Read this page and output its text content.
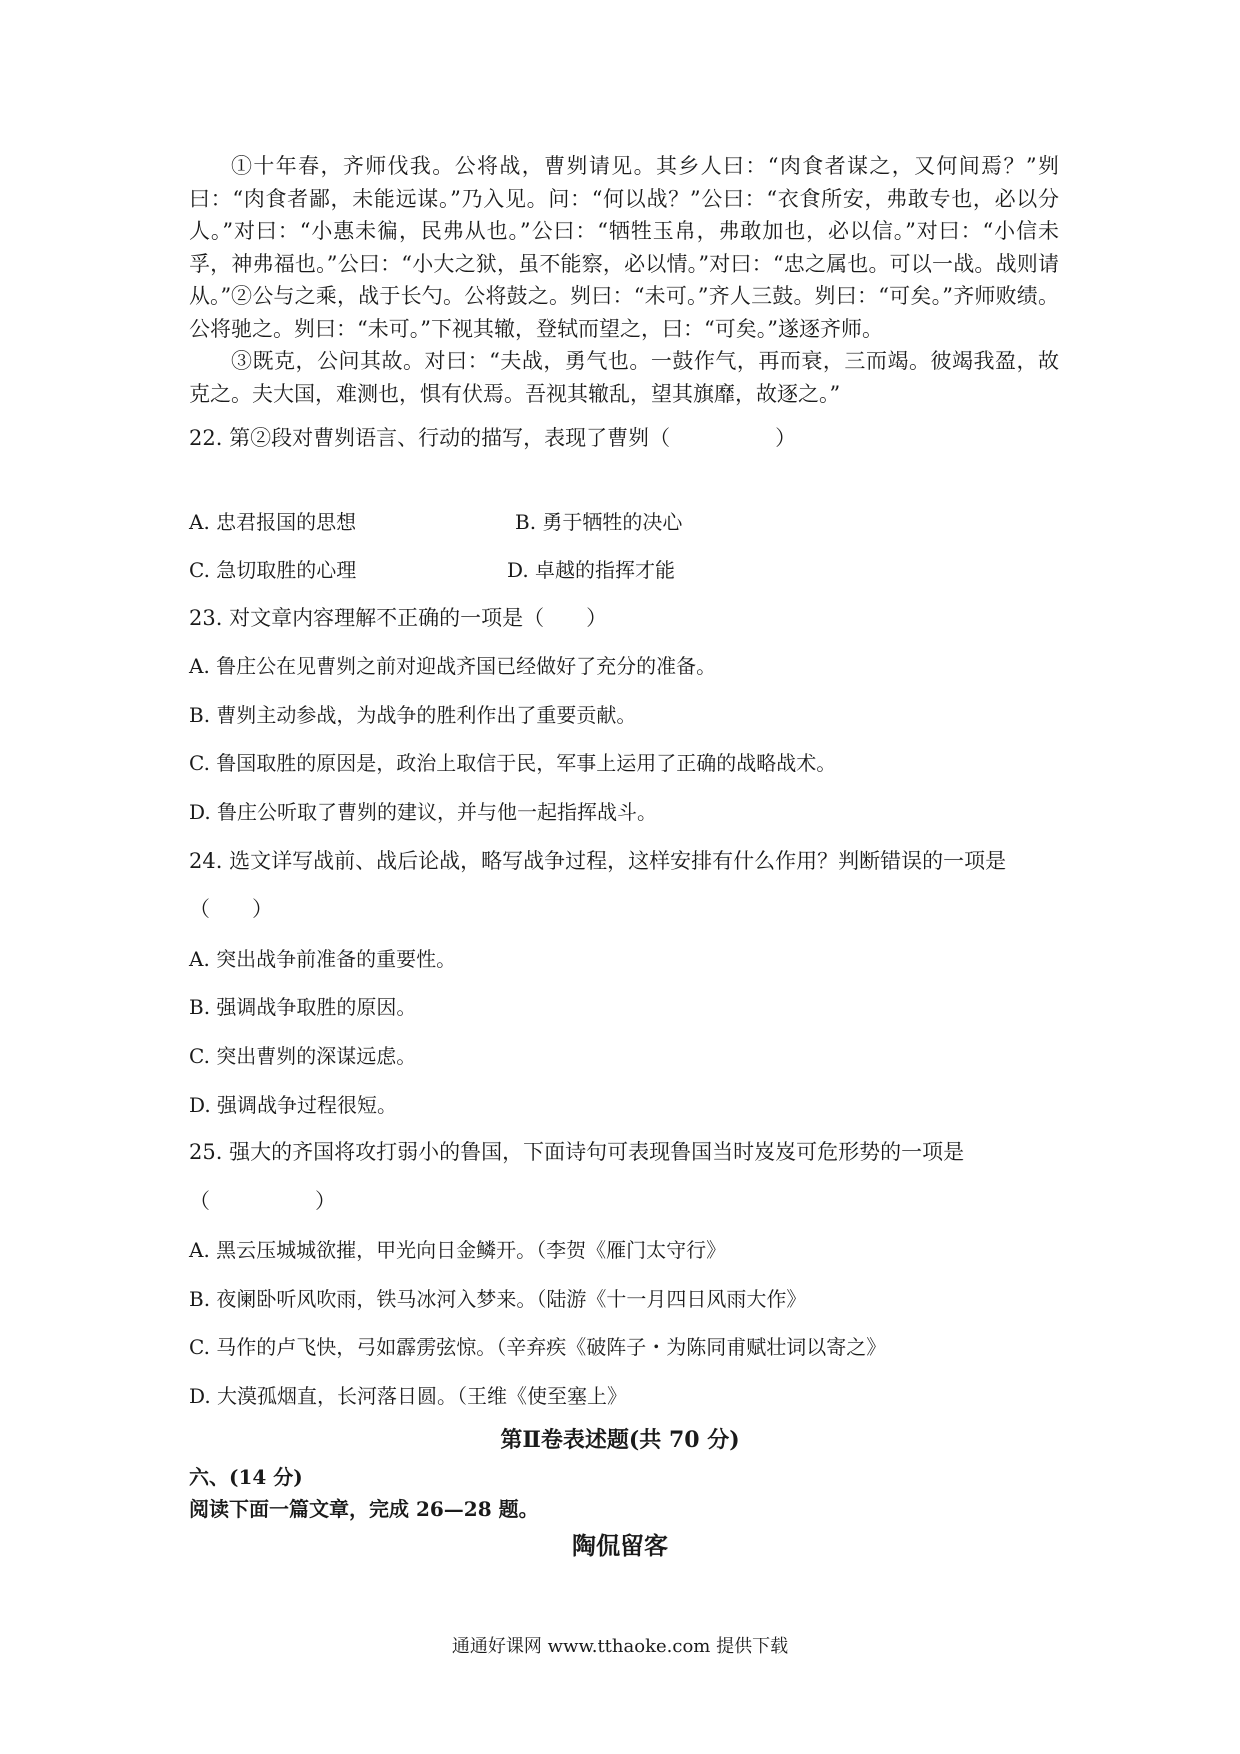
①十年春，齐师伐我。公将战，曹刿请见。其乡人曰：“肉食者谋之，又何间焉？”刿曰：“肉食者鄙，未能远谋。”乃入见。问：“何以战？”公曰：“衣食所安，弗敢专也，必以分人。”对曰：“小惠未徧，民弗从也。”公曰：“牺牲玉帛，弗敢加也，必以信。”对曰：“小信未孚，神弗福也。”公曰：“小大之狱，虽不能察，必以情。”对曰：“忠之属也。可以一战。战则请从。” ②公与之乘，战于长勺。公将鼓之。刿曰：“未可。”齐人三鼓。刿曰：“可矣。”齐师败绩。公将驰之。刿曰：“未可。”下视其辙，登轼而望之，曰：“可矣。”遂逐齐师。

③既克，公问其故。对曰：“夫战，勇气也。一鼓作气，再而衰，三而竭。彼竭我盈，故克之。夫大国，难测也，惧有伏焉。吾视其辙乱，望其旗靡，故逐之。”

22. 第②段对曹刿语言、行动的描写，表现了曹刿（　　　　　）

A. 忠君报国的思想	B. 勇于牺牲的决心

C. 急切取胜的心理	D. 卓越的指挥才能

23. 对文章内容理解不正确的一项是（　　）

A. 鲁庄公在见曹刿之前对迎战齐国已经做好了充分的准备。

B. 曹刿主动参战，为战争的胜利作出了重要贡献。

C. 鲁国取胜的原因是，政治上取信于民，军事上运用了正确的战略战术。

D. 鲁庄公听取了曹刿的建议，并与他一起指挥战斗。

24. 选文详写战前、战后论战，略写战争过程，这样安排有什么作用？判断错误的一项是

（　　）

A. 突出战争前准备的重要性。

B. 强调战争取胜的原因。

C. 突出曹刿的深谋远虑。

D. 强调战争过程很短。

25. 强大的齐国将攻打弱小的鲁国，下面诗句可表现鲁国当时岌岌可危形势的一项是

（　　　　　）

A. 黑云压城城欲摧，甲光向日金鳞开。（李贺《雁门太守行》

B. 夜阑卧听风吹雨，铁马冰河入梦来。（陆游《十一月四日风雨大作》

C. 马作的卢飞快，弓如霹雳弦惊。（辛弃疾《破阵子・为陈同甫赋壮词以寄之》

D. 大漠孤烟直，长河落日圆。（王维《使至塞上》

第Ⅱ卷表述题(共 70 分)

六、(14 分)

阅读下面一篇文章，完成 26—28 题。

陶侃留客

通通好课网 www.tthaoke.com 提供下载
